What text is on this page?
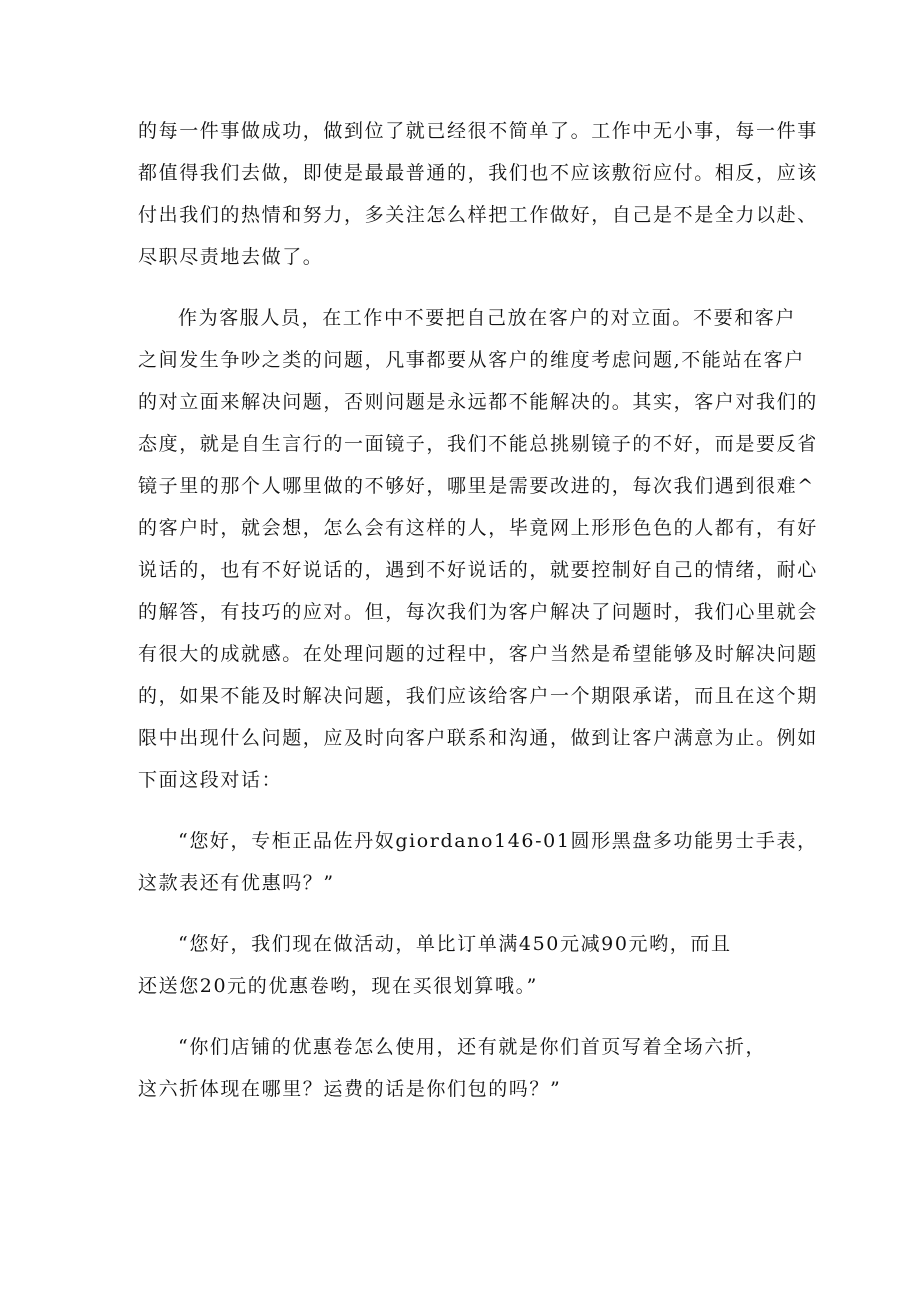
的每一件事做成功，做到位了就已经很不简单了。工作中无小事，每一件事
都值得我们去做，即使是最最普通的，我们也不应该敷衍应付。相反，应该
付出我们的热情和努力，多关注怎么样把工作做好，自己是不是全力以赴、
尽职尽责地去做了。
作为客服人员，在工作中不要把自己放在客户的对立面。不要和客户
之间发生争吵之类的问题，凡事都要从客户的维度考虑问题,不能站在客户
的对立面来解决问题，否则问题是永远都不能解决的。其实，客户对我们的
态度，就是自生言行的一面镜子，我们不能总挑剔镜子的不好，而是要反省
镜子里的那个人哪里做的不够好，哪里是需要改进的，每次我们遇到很难^
的客户时，就会想，怎么会有这样的人，毕竟网上形形色色的人都有，有好
说话的，也有不好说话的，遇到不好说话的，就要控制好自己的情绪，耐心
的解答，有技巧的应对。但，每次我们为客户解决了问题时，我们心里就会
有很大的成就感。在处理问题的过程中，客户当然是希望能够及时解决问题
的，如果不能及时解决问题，我们应该给客户一个期限承诺，而且在这个期
限中出现什么问题，应及时向客户联系和沟通，做到让客户满意为止。例如
下面这段对话：
“您好，专柜正品佐丹奴giordano146-01圆形黑盘多功能男士手表，
这款表还有优惠吗？”
“您好，我们现在做活动，单比订单满450元减90元哟，而且
还送您20元的优惠卷哟，现在买很划算哦。”
“你们店铺的优惠卷怎么使用，还有就是你们首页写着全场六折，
这六折体现在哪里？运费的话是你们包的吗？”
